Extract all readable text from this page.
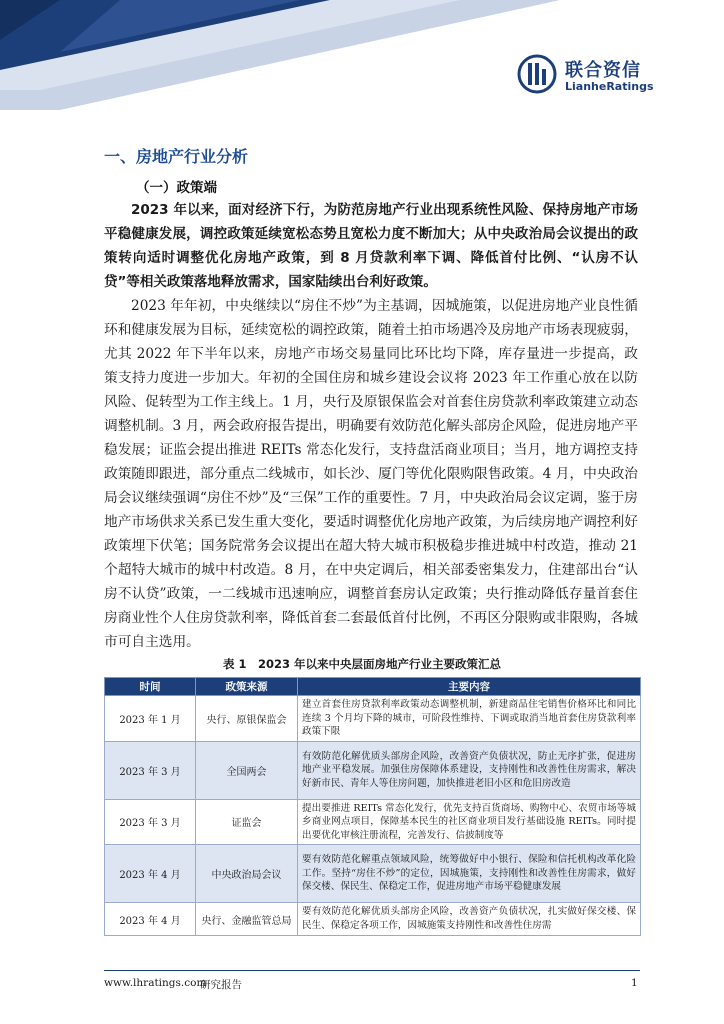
联合资信
LianheRatings
一、房地产行业分析
（一）政策端

2023 年以来，面对经济下行，为防范房地产行业出现系统性风险、保持房地产市场平稳健康发展，调控政策延续宽松态势且宽松力度不断加大；从中央政治局会议提出的政策转向适时调整优化房地产政策，到 8 月贷款利率下调、降低首付比例、“认房不认贷”等相关政策落地释放需求，国家陆续出台利好政策。

2023 年年初，中央继续以“房住不炒”为主基调，因城施策，以促进房地产业良性循环和健康发展为目标，延续宽松的调控政策，随着土拍市场遇冷及房地产市场表现疲弱，尤其 2022 年下半年以来，房地产市场交易量同比环比均下降，库存量进一步提高，政策支持力度进一步加大。年初的全国住房和城乡建设会议将 2023 年工作重心放在以防风险、促转型为工作主线上。1 月，央行及原银保监会对首套住房贷款利率政策建立动态调整机制。3 月，两会政府报告提出，明确要有效防范化解头部房企风险，促进房地产平稳发展；证监会提出推进 REITs 常态化发行，支持盘活商业项目；当月，地方调控支持政策随即跟进，部分重点二线城市，如长沙、厦门等优化限购限售政策。4 月，中央政治局会议继续强调“房住不炒”及“三保”工作的重要性。7 月，中央政治局会议定调，鉴于房地产市场供求关系已发生重大变化，要适时调整优化房地产政策，为后续房地产调控利好政策埋下伏笔；国务院常务会议提出在超大特大城市积极稳步推进城中村改造，推动 21 个超特大城市的城中村改造。8 月，在中央定调后，相关部委密集发力，住建部出台“认房不认贷”政策，一二线城市迅速响应，调整首套房认定政策；央行推动降低存量首套住房商业性个人住房贷款利率，降低首套二套最低首付比例，不再区分限购或非限购，各城市可自主选用。

表 1　2023 年以来中央层面房地产行业主要政策汇总
时间	政策来源	主要内容
2023 年 1 月	央行、原银保监会	建立首套住房贷款利率政策动态调整机制，新建商品住宅销售价格环比和同比连续 3 个月均下降的城市，可阶段性维持、下调或取消当地首套住房贷款利率政策下限
2023 年 3 月	全国两会	有效防范化解优质头部房企风险，改善资产负债状况，防止无序扩张，促进房地产业平稳发展。加强住房保障体系建设，支持刚性和改善性住房需求，解决好新市民、青年人等住房问题，加快推进老旧小区和危旧房改造
2023 年 3 月	证监会	提出要推进 REITs 常态化发行，优先支持百货商场、购物中心、农贸市场等城乡商业网点项目，保障基本民生的社区商业项目发行基础设施 REITs。同时提出要优化审核注册流程，完善发行、信披制度等
2023 年 4 月	中央政治局会议	要有效防范化解重点领域风险，统筹做好中小银行、保险和信托机构改革化险工作。坚持“房住不炒”的定位，因城施策，支持刚性和改善性住房需求，做好保交楼、保民生、保稳定工作，促进房地产市场平稳健康发展
2023 年 4 月	央行、金融监管总局	要有效防范化解优质头部房企风险，改善资产负债状况，扎实做好保交楼、保民生、保稳定各项工作，因城施策支持刚性和改善性住房需
www.lhratings.com
研究报告	1
